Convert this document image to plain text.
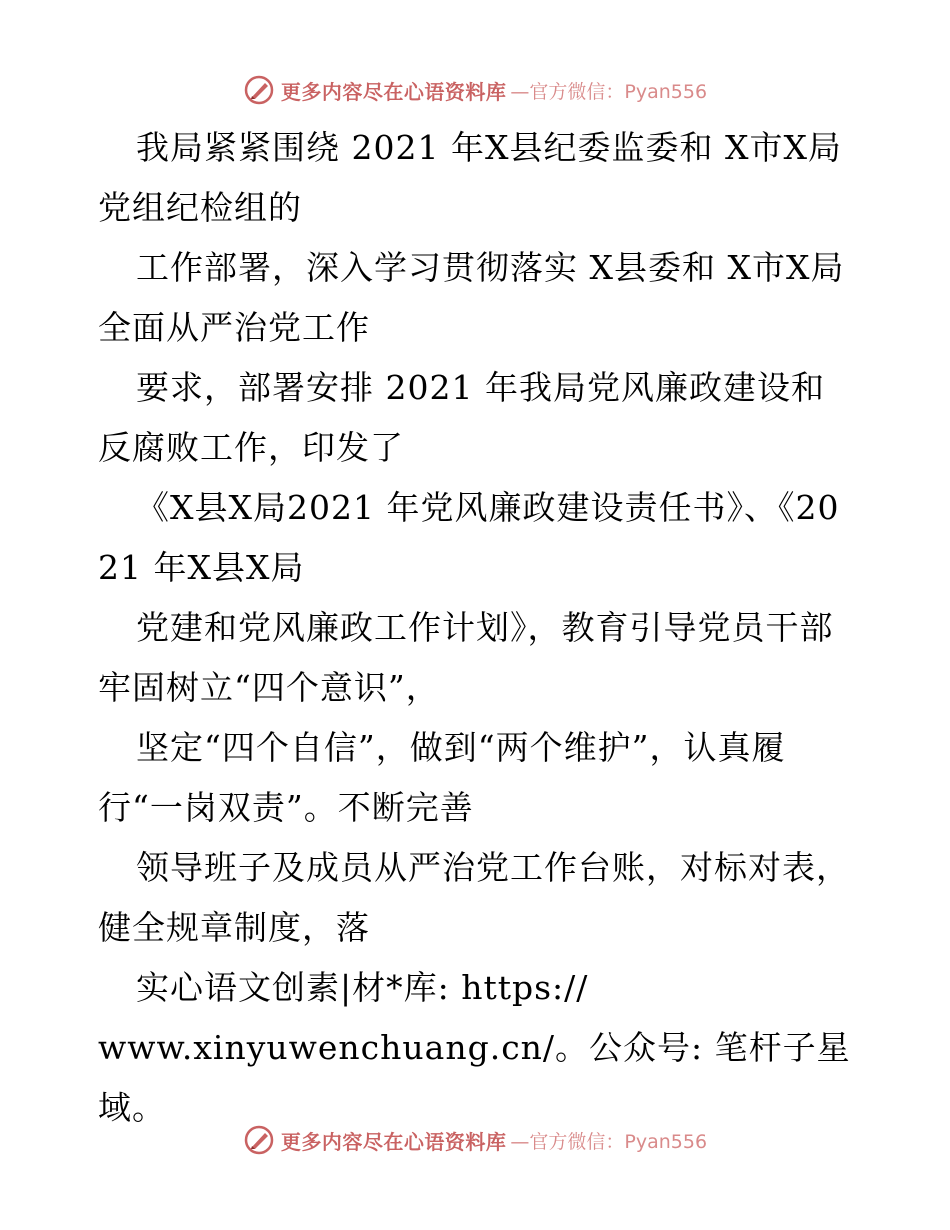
更多内容尽在心语资料库 —官方微信：Pyan556

我局紧紧围绕 2021 年X县纪委监委和 X市X局党组纪检组的

工作部署，深入学习贯彻落实 X县委和 X市X局全面从严治党工作

要求，部署安排 2021 年我局党风廉政建设和反腐败工作，印发了

《X县X局2021 年党风廉政建设责任书》、《2021 年X县X局

党建和党风廉政工作计划》，教育引导党员干部牢固树立“四个意识”，

坚定“四个自信”，做到“两个维护”，认真履行“一岗双责”。不断完善

领导班子及成员从严治党工作台账，对标对表，健全规章制度，落

实心语文创素|材*库: https://

www.xinyuwenchuang.cn/。公众号: 笔杆子星域。

更多内容尽在心语资料库 —官方微信：Pyan556
